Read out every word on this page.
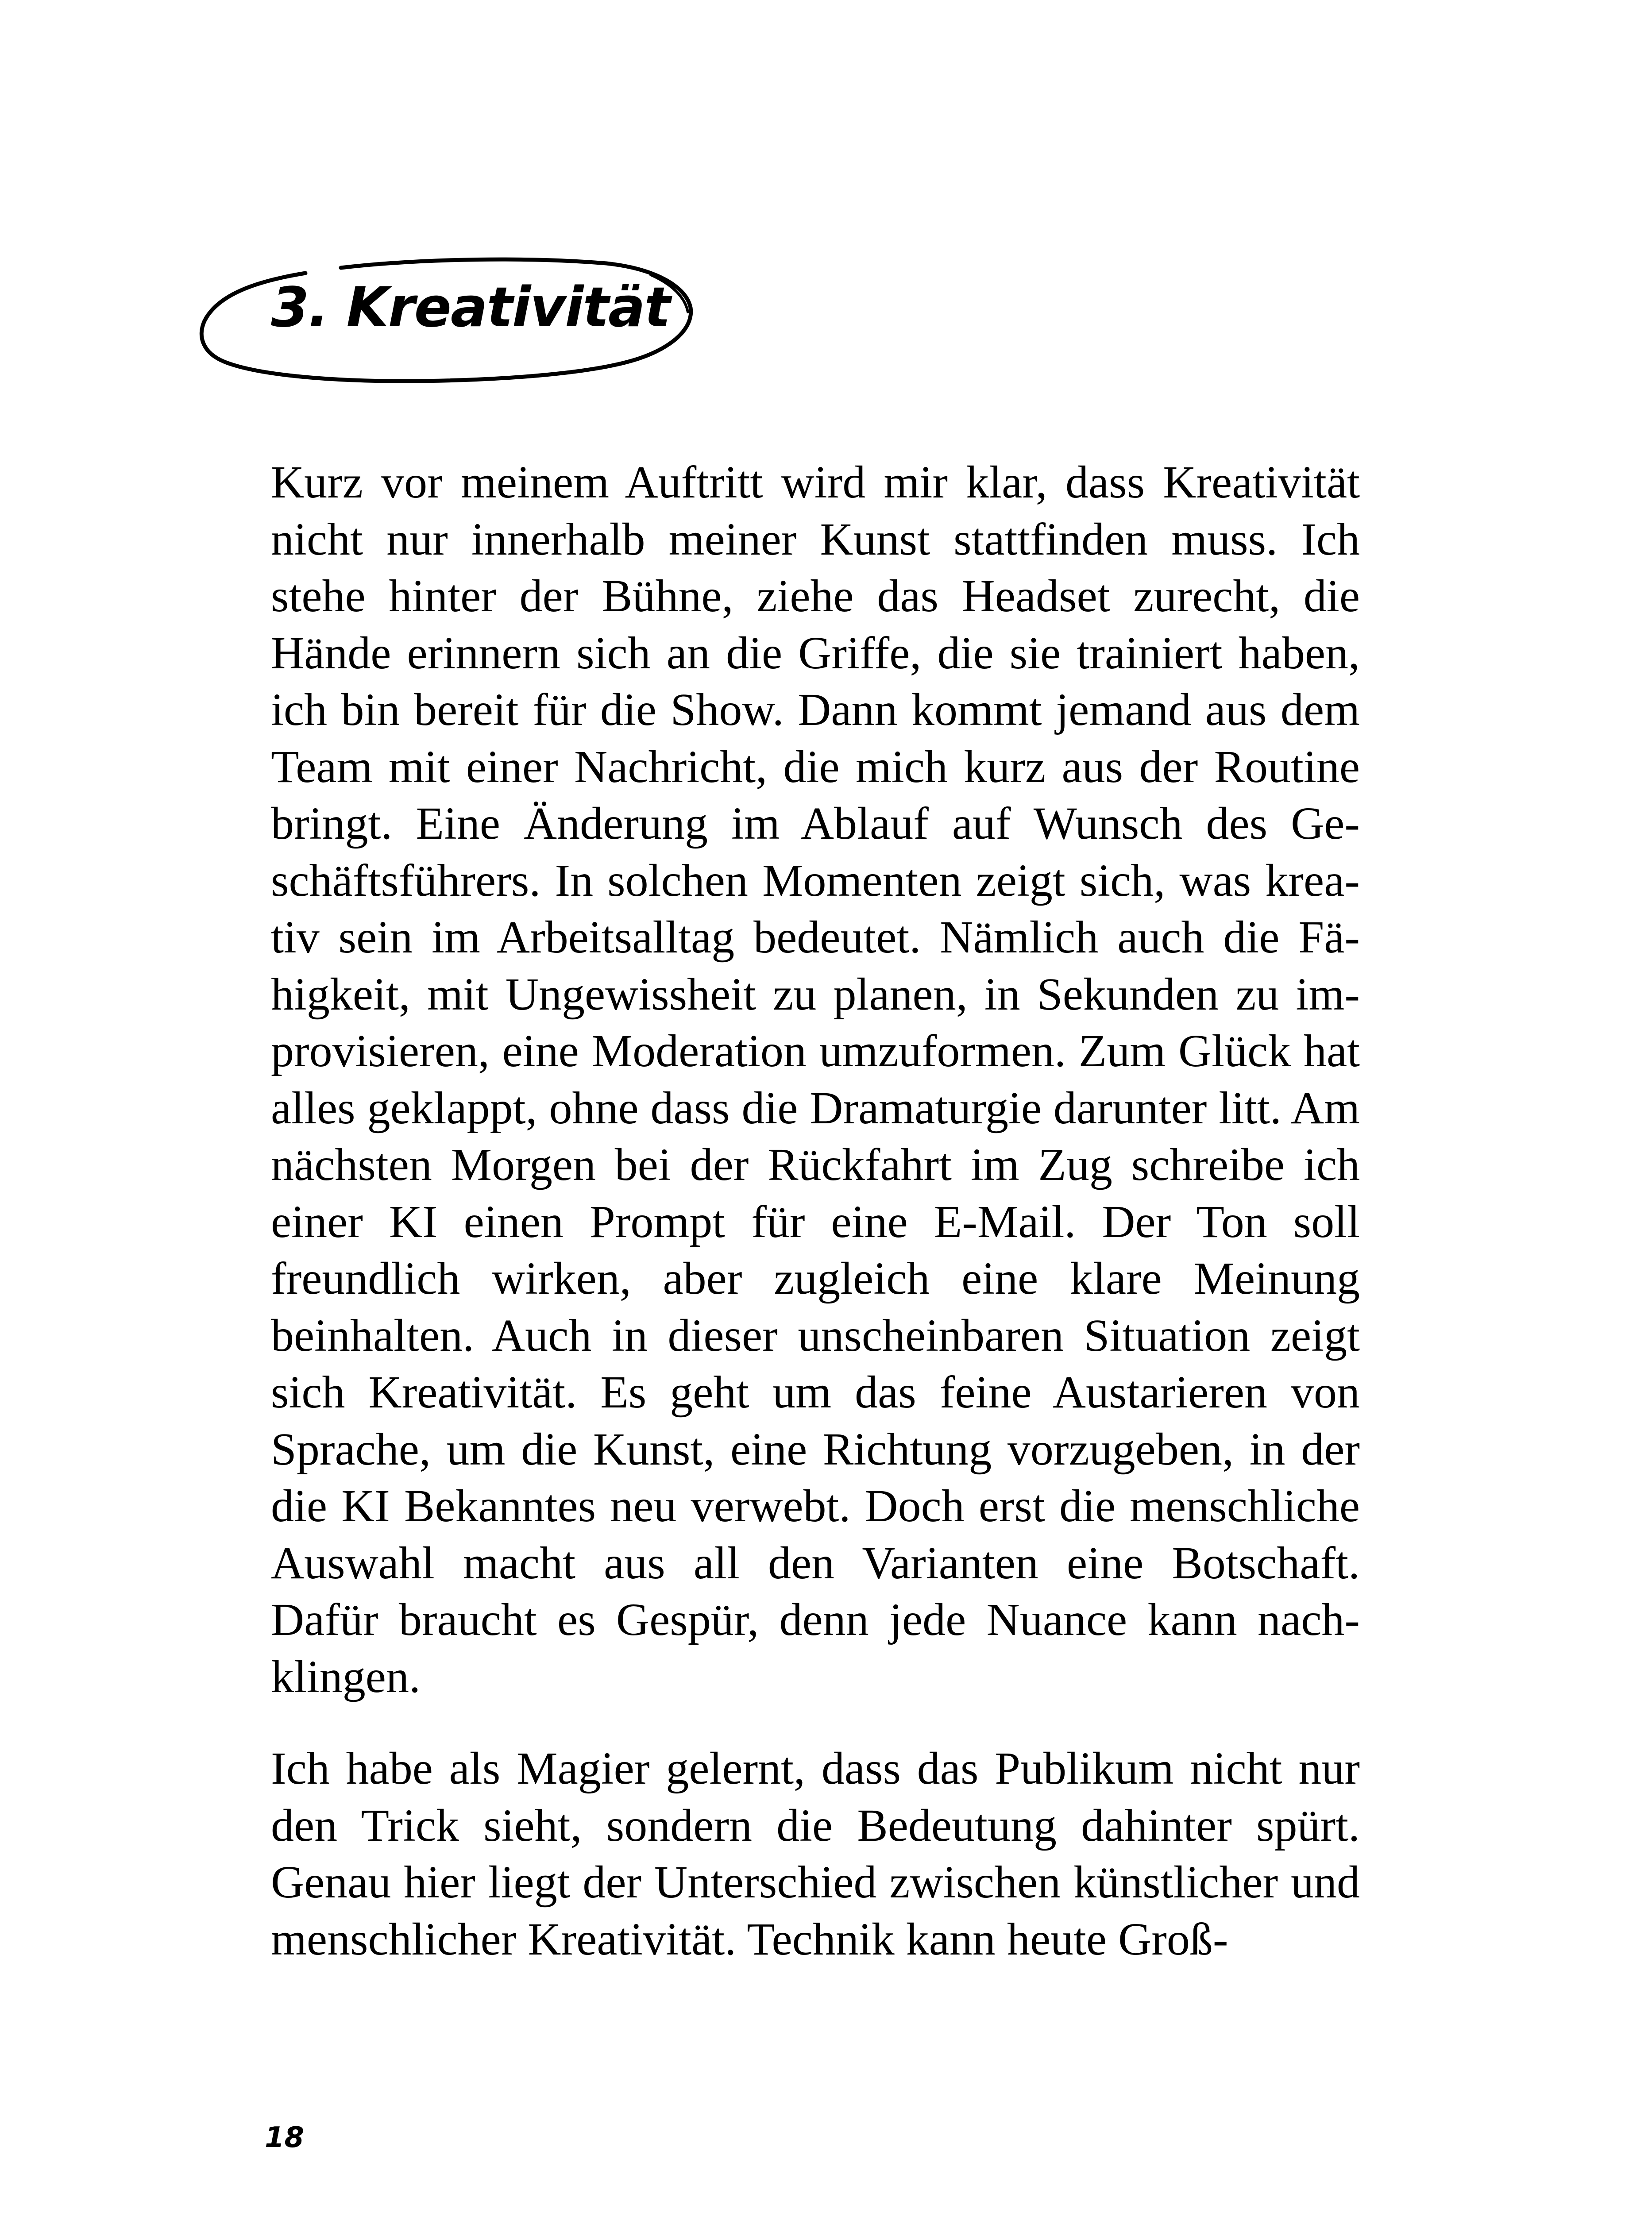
3. Kreativität

Kurz vor meinem Auftritt wird mir klar, dass Kreativität nicht nur innerhalb meiner Kunst stattfinden muss. Ich stehe hinter der Bühne, ziehe das Headset zurecht, die Hände erinnern sich an die Griffe, die sie trainiert haben, ich bin bereit für die Show. Dann kommt jemand aus dem Team mit einer Nachricht, die mich kurz aus der Routine bringt. Eine Änderung im Ablauf auf Wunsch des Geschäftsführers. In solchen Momenten zeigt sich, was kreativ sein im Arbeitsalltag bedeutet. Nämlich auch die Fähigkeit, mit Ungewissheit zu planen, in Sekunden zu improvisieren, eine Moderation umzuformen. Zum Glück hat alles geklappt, ohne dass die Dramaturgie darunter litt. Am nächsten Morgen bei der Rückfahrt im Zug schreibe ich einer KI einen Prompt für eine E-Mail. Der Ton soll freundlich wirken, aber zugleich eine klare Meinung beinhalten. Auch in dieser unscheinbaren Situation zeigt sich Kreativität. Es geht um das feine Austarieren von Sprache, um die Kunst, eine Richtung vorzugeben, in der die KI Bekanntes neu verwebt. Doch erst die menschliche Auswahl macht aus all den Varianten eine Botschaft. Dafür braucht es Gespür, denn jede Nuance kann nachklingen.

Ich habe als Magier gelernt, dass das Publikum nicht nur den Trick sieht, sondern die Bedeutung dahinter spürt. Genau hier liegt der Unterschied zwischen künstlicher und menschlicher Kreativität. Technik kann heute Groß-

18
